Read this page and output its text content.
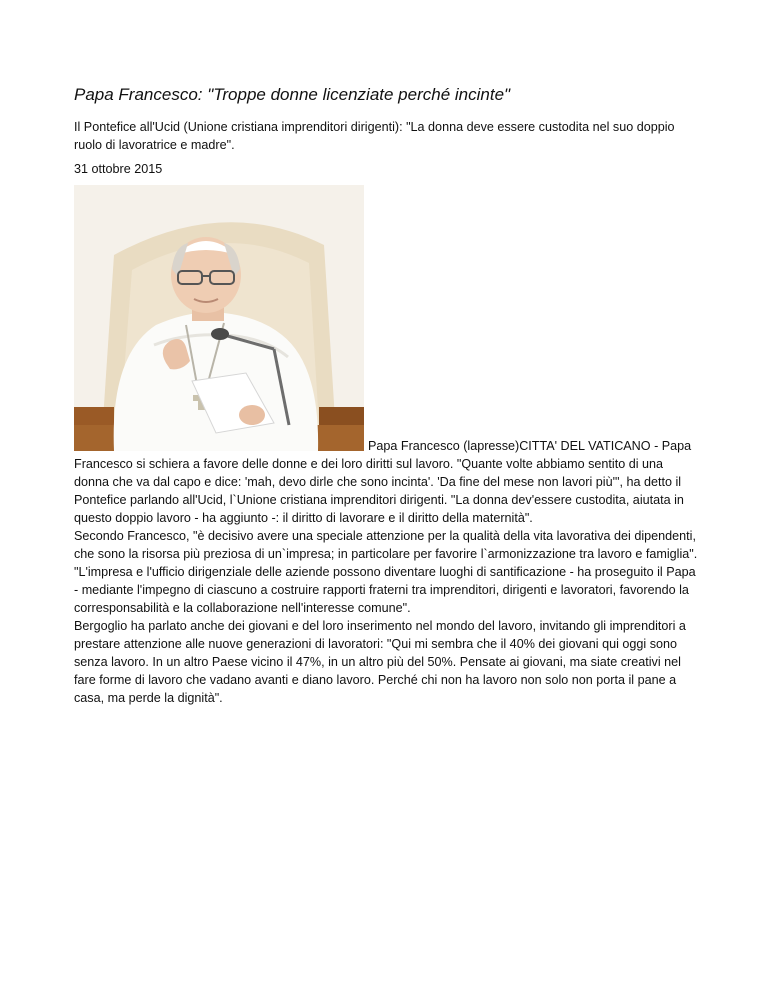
Papa Francesco: "Troppe donne licenziate perché incinte"

Il Pontefice all'Ucid (Unione cristiana imprenditori dirigenti): "La donna deve essere custodita nel suo doppio ruolo di lavoratrice e madre".

31 ottobre 2015

Papa Francesco (lapresse)CITTA' DEL VATICANO - Papa

Francesco si schiera a favore delle donne e dei loro diritti sul lavoro. "Quante volte abbiamo sentito di una donna che va dal capo e dice: 'mah, devo dirle che sono incinta'. 'Da fine del mese non lavori più'", ha detto il Pontefice parlando all'Ucid, l`Unione cristiana imprenditori dirigenti. "La donna dev'essere custodita, aiutata in questo doppio lavoro - ha aggiunto -: il diritto di lavorare e il diritto della maternità".

Secondo Francesco, "è decisivo avere una speciale attenzione per la qualità della vita lavorativa dei dipendenti, che sono la risorsa più preziosa di un`impresa; in particolare per favorire l`armonizzazione tra lavoro e famiglia".

"L'impresa e l'ufficio dirigenziale delle aziende possono diventare luoghi di santificazione - ha proseguito il Papa - mediante l'impegno di ciascuno a costruire rapporti fraterni tra imprenditori, dirigenti e lavoratori, favorendo la corresponsabilità e la collaborazione nell'interesse comune".

Bergoglio ha parlato anche dei giovani e del loro inserimento nel mondo del lavoro, invitando gli imprenditori a prestare attenzione alle nuove generazioni di lavoratori: "Qui mi sembra che il 40% dei giovani qui oggi sono senza lavoro. In un altro Paese vicino il 47%, in un altro più del 50%. Pensate ai giovani, ma siate creativi nel fare forme di lavoro che vadano avanti e diano lavoro. Perché chi non ha lavoro non solo non porta il pane a casa, ma perde la dignità".
